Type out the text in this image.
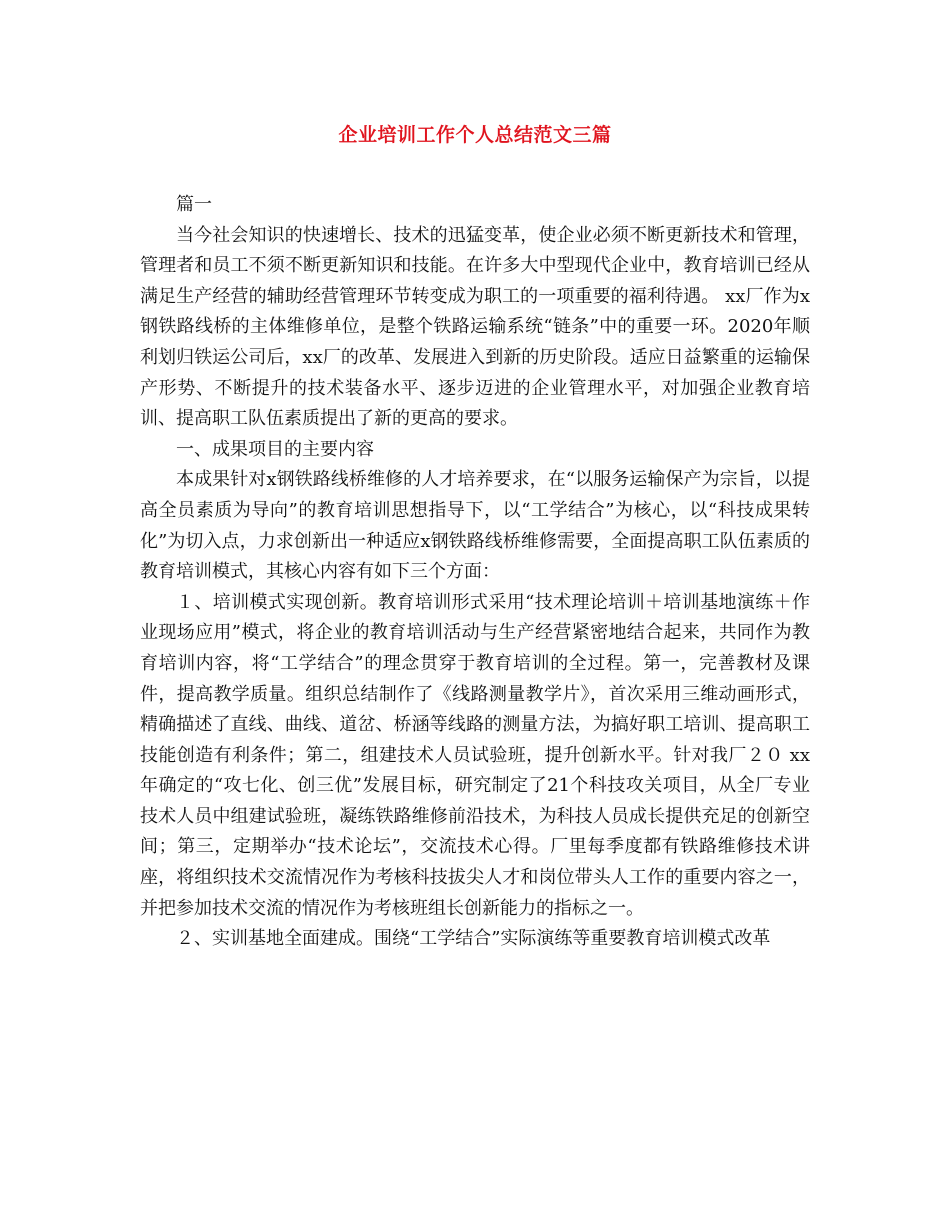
企业培训工作个人总结范文三篇

篇一

当今社会知识的快速增长、技术的迅猛变革，使企业必须不断更新技术和管理，管理者和员工不须不断更新知识和技能。在许多大中型现代企业中，教育培训已经从满足生产经营的辅助经营管理环节转变成为职工的一项重要的福利待遇。 xx厂作为x钢铁路线桥的主体维修单位，是整个铁路运输系统“链条”中的重要一环。2020年顺利划归铁运公司后，xx厂的改革、发展进入到新的历史阶段。适应日益繁重的运输保产形势、不断提升的技术装备水平、逐步迈进的企业管理水平，对加强企业教育培训、提高职工队伍素质提出了新的更高的要求。

一、成果项目的主要内容

本成果针对x钢铁路线桥维修的人才培养要求，在“以服务运输保产为宗旨，以提高全员素质为导向”的教育培训思想指导下，以“工学结合”为核心，以“科技成果转化”为切入点，力求创新出一种适应x钢铁路线桥维修需要，全面提高职工队伍素质的教育培训模式，其核心内容有如下三个方面：

１、培训模式实现创新。教育培训形式采用“技术理论培训＋培训基地演练＋作业现场应用”模式，将企业的教育培训活动与生产经营紧密地结合起来，共同作为教育培训内容，将“工学结合”的理念贯穿于教育培训的全过程。第一，完善教材及课件，提高教学质量。组织总结制作了《线路测量教学片》，首次采用三维动画形式，精确描述了直线、曲线、道岔、桥涵等线路的测量方法，为搞好职工培训、提高职工技能创造有利条件；第二，组建技术人员试验班，提升创新水平。针对我厂２０ xx年确定的“攻七化、创三优”发展目标，研究制定了21个科技攻关项目，从全厂专业技术人员中组建试验班，凝练铁路维修前沿技术，为科技人员成长提供充足的创新空间；第三，定期举办“技术论坛”，交流技术心得。厂里每季度都有铁路维修技术讲座，将组织技术交流情况作为考核科技拔尖人才和岗位带头人工作的重要内容之一，并把参加技术交流的情况作为考核班组长创新能力的指标之一。

２、实训基地全面建成。围绕“工学结合”实际演练等重要教育培训模式改革
